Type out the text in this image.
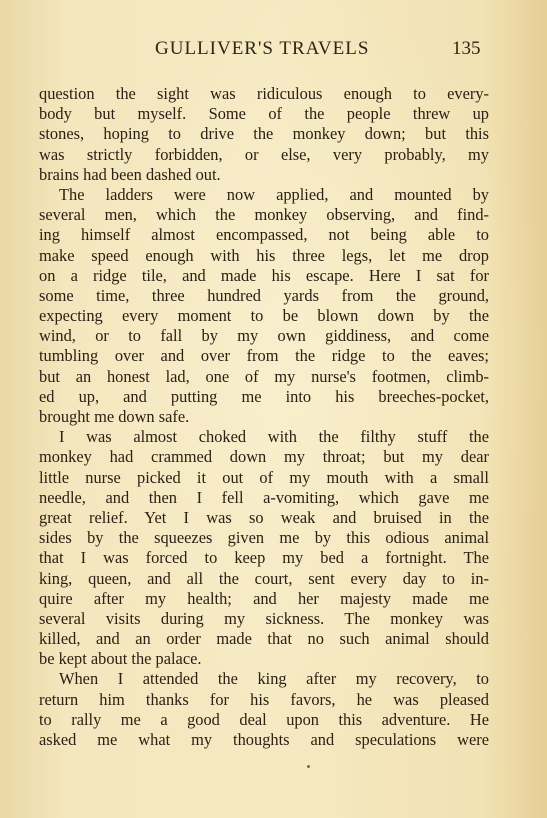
GULLIVER'S TRAVELS	135
question the sight was ridiculous enough to every-
body but myself. Some of the people threw up
stones, hoping to drive the monkey down; but this
was strictly forbidden, or else, very probably, my
brains had been dashed out.
The ladders were now applied, and mounted by
several men, which the monkey observing, and find-
ing himself almost encompassed, not being able to
make speed enough with his three legs, let me drop
on a ridge tile, and made his escape. Here I sat for
some time, three hundred yards from the ground,
expecting every moment to be blown down by the
wind, or to fall by my own giddiness, and come
tumbling over and over from the ridge to the eaves;
but an honest lad, one of my nurse's footmen, climb-
ed up, and putting me into his breeches-pocket,
brought me down safe.
I was almost choked with the filthy stuff the
monkey had crammed down my throat; but my dear
little nurse picked it out of my mouth with a small
needle, and then I fell a-vomiting, which gave me
great relief. Yet I was so weak and bruised in the
sides by the squeezes given me by this odious animal
that I was forced to keep my bed a fortnight. The
king, queen, and all the court, sent every day to in-
quire after my health; and her majesty made me
several visits during my sickness. The monkey was
killed, and an order made that no such animal should
be kept about the palace.
When I attended the king after my recovery, to
return him thanks for his favors, he was pleased
to rally me a good deal upon this adventure. He
asked me what my thoughts and speculations were
